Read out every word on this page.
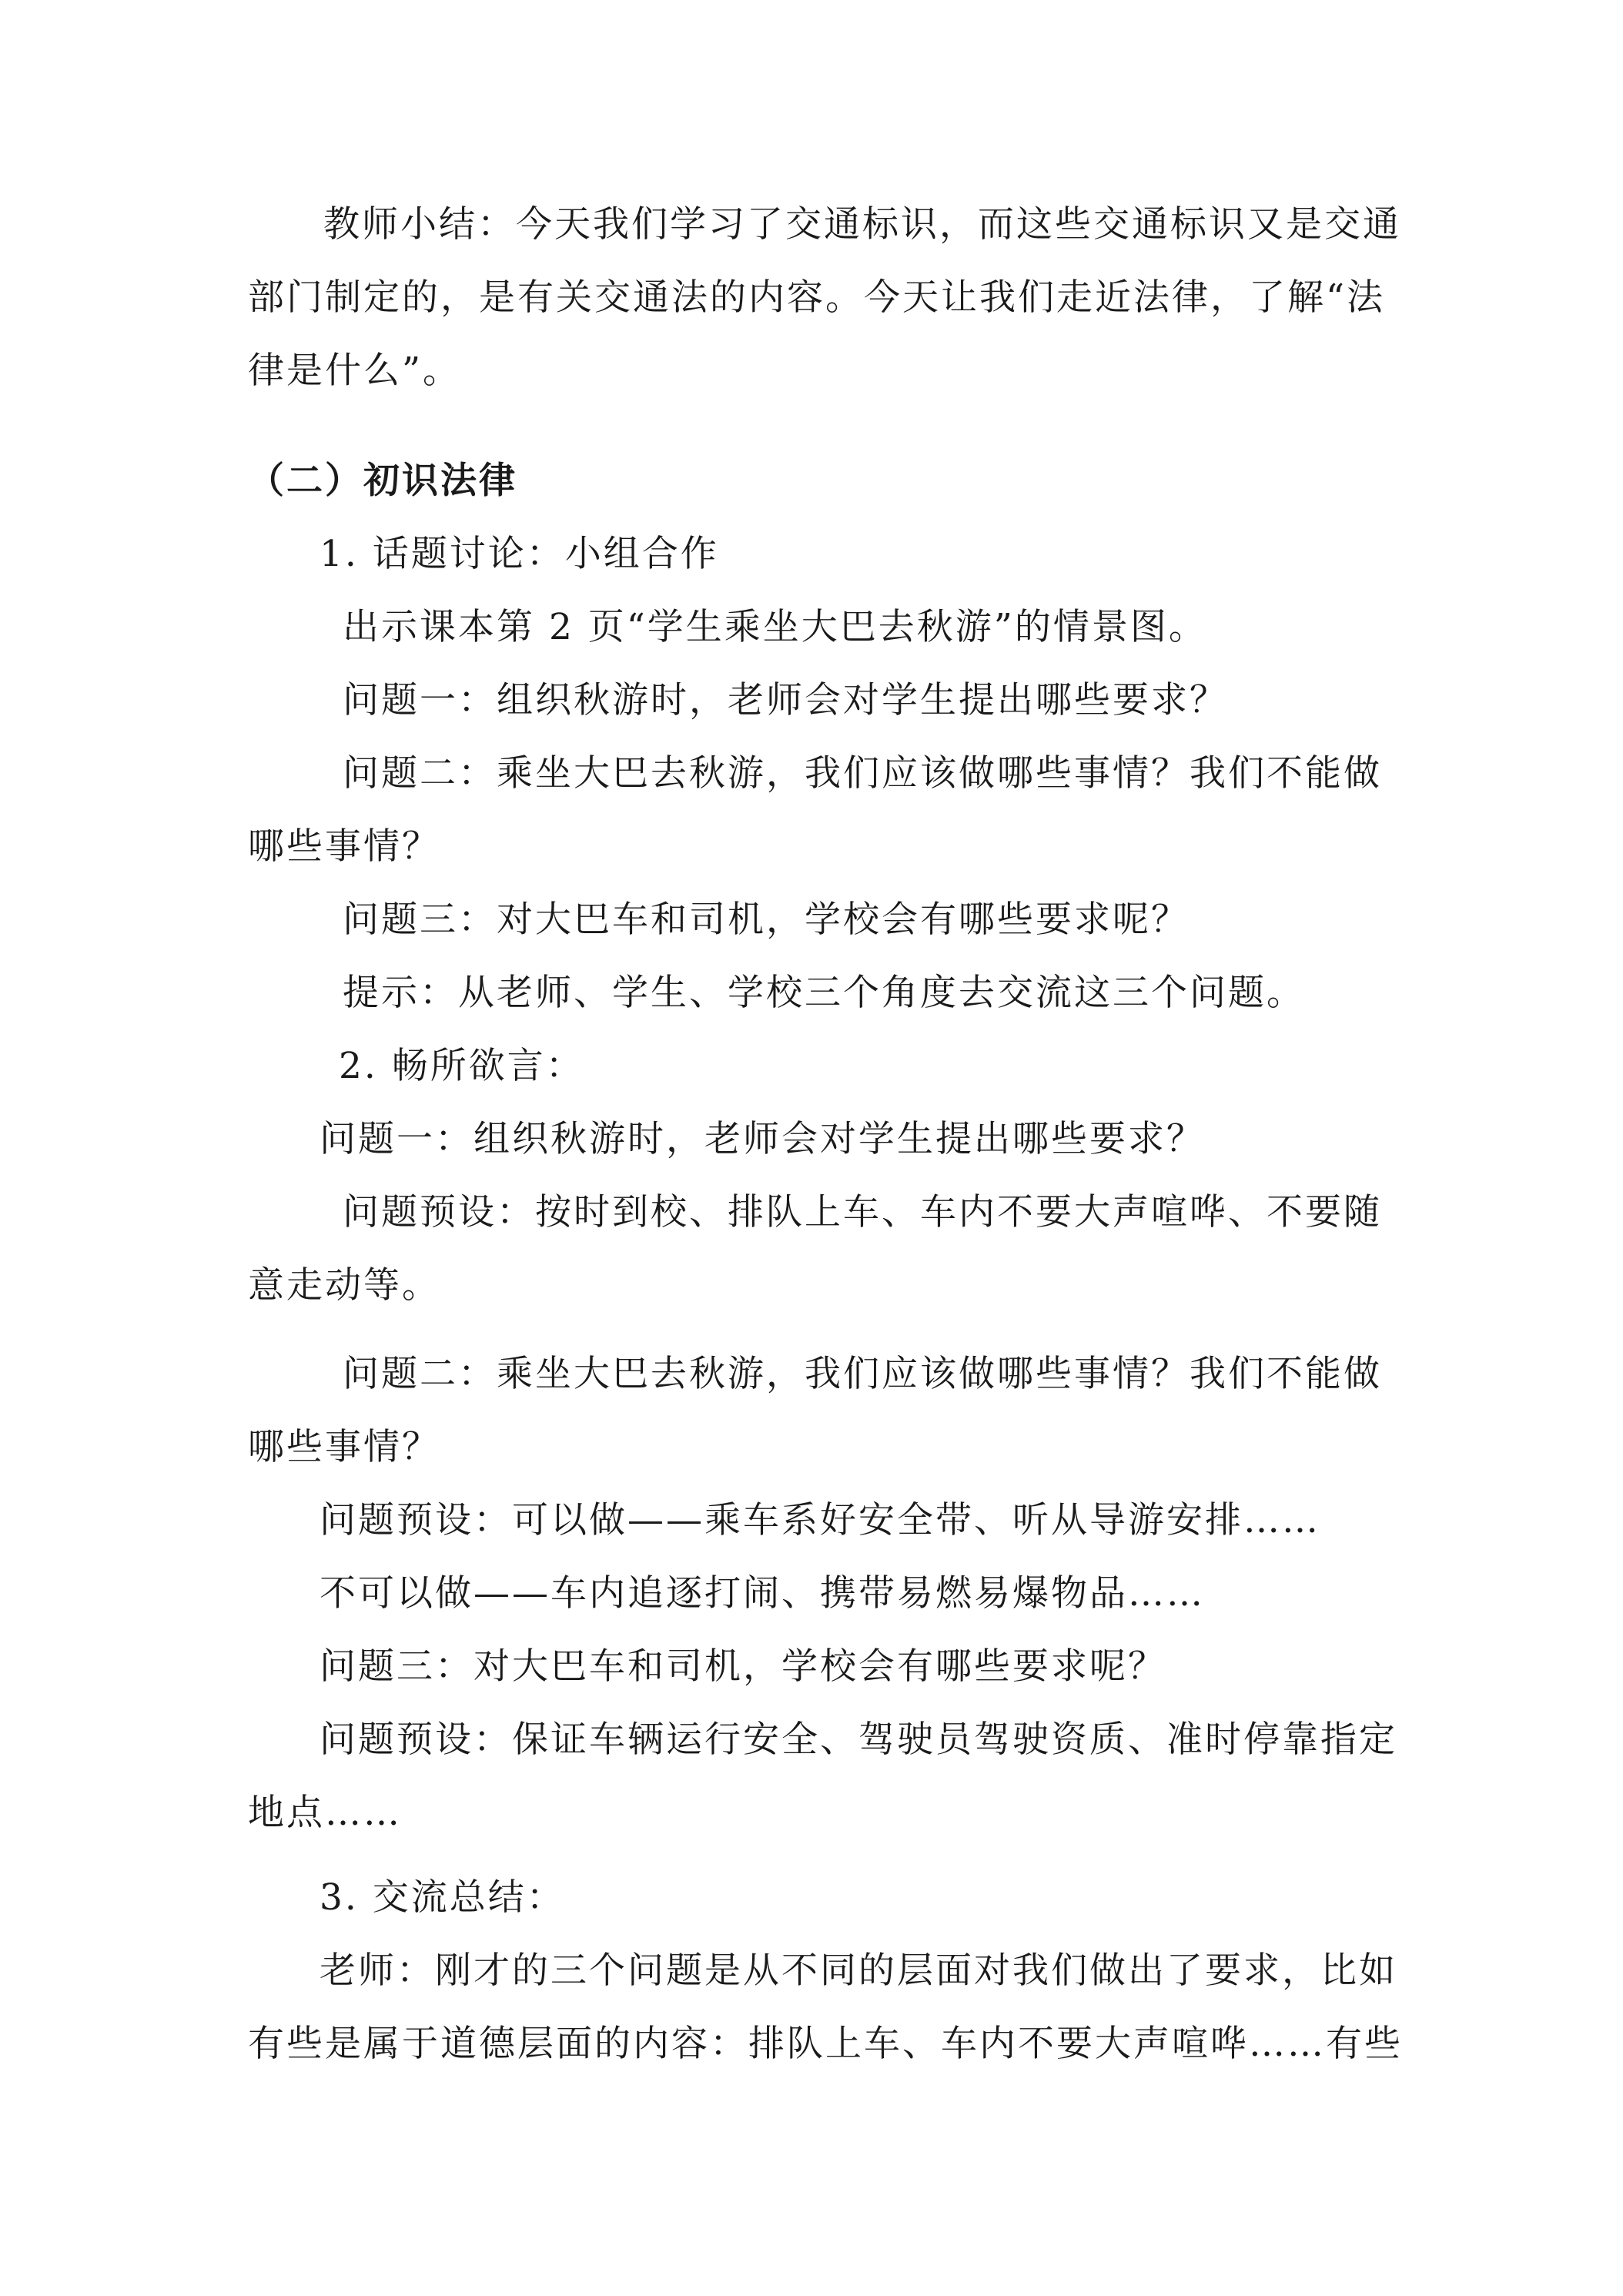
教师小结：今天我们学习了交通标识，而这些交通标识又是交通
部门制定的，是有关交通法的内容。今天让我们走近法律，了解“法
律是什么”。
（二）初识法律
1. 话题讨论：小组合作
出示课本第 2 页“学生乘坐大巴去秋游”的情景图。
问题一：组织秋游时，老师会对学生提出哪些要求？
问题二：乘坐大巴去秋游，我们应该做哪些事情？我们不能做
哪些事情？
问题三：对大巴车和司机，学校会有哪些要求呢？
提示：从老师、学生、学校三个角度去交流这三个问题。
2. 畅所欲言：
问题一：组织秋游时，老师会对学生提出哪些要求？
问题预设：按时到校、排队上车、车内不要大声喧哗、不要随
意走动等。
问题二：乘坐大巴去秋游，我们应该做哪些事情？我们不能做
哪些事情？
问题预设：可以做——乘车系好安全带、听从导游安排……
不可以做——车内追逐打闹、携带易燃易爆物品……
问题三：对大巴车和司机，学校会有哪些要求呢？
问题预设：保证车辆运行安全、驾驶员驾驶资质、准时停靠指定
地点……
3. 交流总结：
老师：刚才的三个问题是从不同的层面对我们做出了要求，比如
有些是属于道德层面的内容：排队上车、车内不要大声喧哗……有些
